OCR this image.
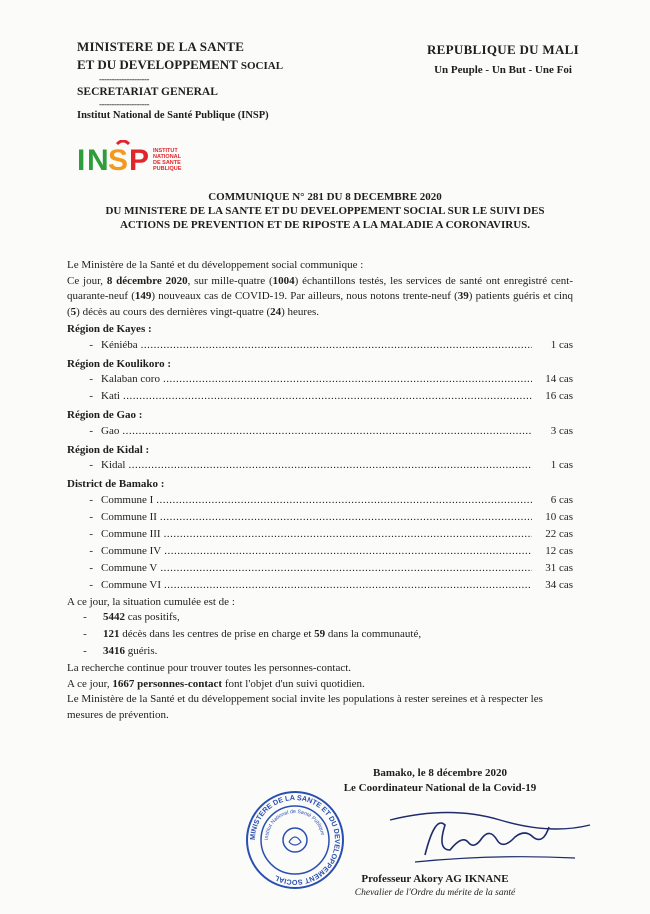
MINISTERE DE LA SANTE
ET DU DEVELOPPEMENT SOCIAL
--------------------
SECRETARIAT GENERAL
--------------------
Institut National de Santé Publique (INSP)
REPUBLIQUE DU MALI
Un Peuple - Un But - Une Foi
I N S P INSTITUT
NATIONAL
DE SANTE
PUBLIQUE
COMMUNIQUE N° 281 DU 8 DECEMBRE 2020
DU MINISTERE DE LA SANTE ET DU DEVELOPPEMENT SOCIAL SUR LE SUIVI DES
ACTIONS DE PREVENTION ET DE RIPOSTE A LA MALADIE A CORONAVIRUS.

Le Ministère de la Santé et du développement social communique :

Ce jour, 8 décembre 2020, sur mille-quatre (1004) échantillons testés, les services de santé ont enregistré cent-quarante-neuf (149) nouveaux cas de COVID-19. Par ailleurs, nous notons trente-neuf (39) patients guéris et cinq (5) décès au cours des dernières vingt-quatre (24) heures.

Région de Kayes :
- Kéniéba .....	1 cas
Région de Koulikoro :
- Kalaban coro .....	14 cas
- Kati .....	16 cas
Région de Gao :
- Gao .....	3 cas
Région de Kidal :
- Kidal .....	1 cas
District de Bamako :
- Commune I .....	6 cas
- Commune II .....	10 cas
- Commune III .....	22 cas
- Commune IV .....	12 cas
- Commune V .....	31 cas
- Commune VI .....	34 cas

A ce jour, la situation cumulée est de :

-	5442 cas positifs,
-	121 décès dans les centres de prise en charge et 59 dans la communauté,
-	3416 guéris.

La recherche continue pour trouver toutes les personnes-contact.

A ce jour, 1667 personnes-contact font l'objet d'un suivi quotidien.

Le Ministère de la Santé et du développement social invite les populations à rester sereines et à respecter les mesures de prévention.

Bamako, le 8 décembre 2020
Le Coordinateur National de la Covid-19
MINISTERE DE LA SANTE ET DU DEVELOPPEMENT SOCIAL
Institut National de Santé Publique
Professeur Akory AG IKNANE
Chevalier de l'Ordre du mérite de la santé
